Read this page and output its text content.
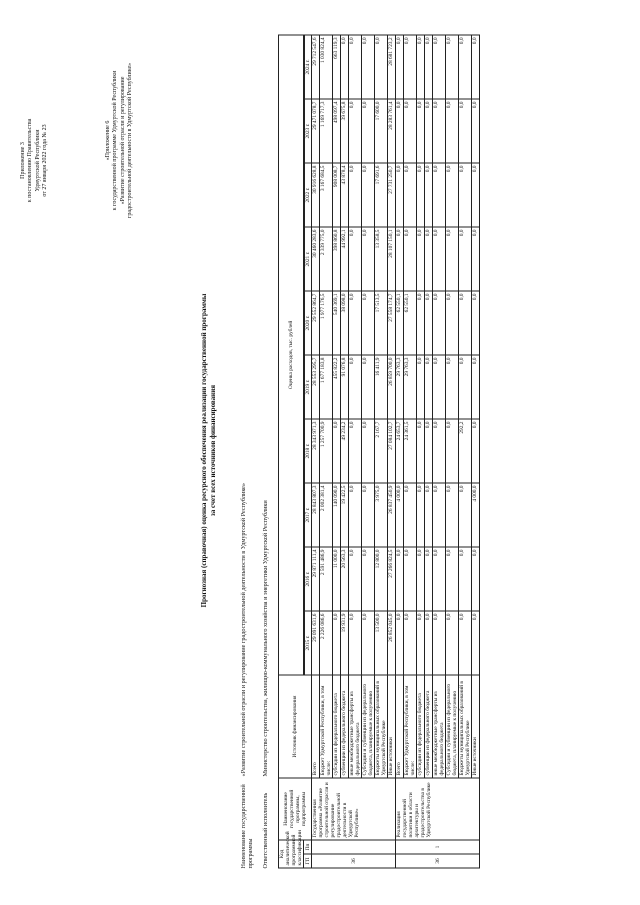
Приложение 3 к постановлению Правительства Удмуртской Республики от 27 января 2022 года № 23	«Приложение 6 к государственной программе Удмуртской Республики «Развитие строительной отрасли и регулирование градостроительной деятельности в Удмуртской Республике»
Прогнозная (справочная) оценка ресурсного обеспечения реализации государственной программы за счет всех источников финансирования
Наименование государственной программы
«Развитие строительной отрасли и регулирование градостроительной деятельности в Удмуртской Республике»
Ответственный исполнитель
Министерство строительства, жилищно-коммунального хозяйства и энергетики Удмуртской Республики
Код аналитической программной классификации		Наименование государственной программы, подпрограммы	Источник финансирования	Оценка расходов, тыс. рублей									
ГП	Пп												
				2015 г.	2016 г.	2017 г.	2018 г.	2019 г.	2020 г.	2021 г.	2022 г.	2023 г.	2024 г.
36		Государственная программа «Развитие строительной отрасли и регулирование градостроительной деятельности в Удмуртской Республике»	Всего	29 091 631,6	29 871 111,4	28 843 807,3	28 343 971,3	28 553 295,7	29 552 864,7	30 460 283,6	30 916 628,8	29 471 078,7	29 712 547,6
			Бюджет Удмуртской Республики, в том числе:	2 226 086,6	2 591 486,9	2 002 381,4	1 257 700,9	1 677 183,8	1 977 176,5	2 339 775,0	3 167 684,5	1 169 717,3	1 030 824,4
			субсидии из федерального бюджета	0,0	11 000,0	140 090,0	0,0	455 822,2	540 369,1	398 860,8	908 008,7	498 097,4	663 119,3
			субвенции из федерального бюджета	19 931,9	20 563,3	19 422,5	49 234,2	91 076,8	38 098,0	44 992,1	43 878,4	39 675,8	0,0
			иные межбюджетные трансферты из федерального бюджета	0,0	0,0	0,0	0,0	0,0	0,0	0,0	0,0	0,0	0,0
			Субсидии и субвенции из федерального бюджета, планируемые к получению	0,0	0,0	0,0	0,0	0,0	0,0	0,0	0,0	0,0	0,0
			Бюджеты муниципальных образований в Удмуртской Республике	13 500,0	12 800,0	3 975,0	2 167,7	16 411,9	17 513,5	13 358,5	17 691,6	17 600,0	0,0
			Иные источники	26 852 045,0	27 266 824,5	26 837 450,9	27 084 102,7	26 859 700,0	27 558 174,7	28 107 150,1	27 731 250,7	28 283 761,4	28 681 723,2
36	1	Реализация государственной политики в области архитектуры и градостроительства в Удмуртской Республике	Всего	0,0	0,0	4 000,0	24 653,7	29 763,3	62 550,1	0,0	0,0	0,0	0,0
			Бюджет Удмуртской Республики, в том числе:	0,0	0,0	0,0	24 361,5	29 763,3	62 550,1	0,0	0,0	0,0	0,0
			субсидии из федерального бюджета	0,0	0,0	0,0	0,0	0,0	0,0	0,0	0,0	0,0	0,0
			субвенции из федерального бюджета	0,0	0,0	0,0	0,0	0,0	0,0	0,0	0,0	0,0	0,0
			иные межбюджетные трансферты из федерального бюджета	0,0	0,0	0,0	0,0	0,0	0,0	0,0	0,0	0,0	0,0
			Субсидии и субвенции из федерального бюджета, планируемые к получению	0,0	0,0	0,0	0,0	0,0	0,0	0,0	0,0	0,0	0,0
			Бюджеты муниципальных образований в Удмуртской Республике	0,0	0,0	0,0	292,2	0,0	0,0	0,0	0,0	0,0	0,0
			Иные источники	0,0	0,0	4 000,0	0,0	0,0	0,0	0,0	0,0	0,0	0,0
